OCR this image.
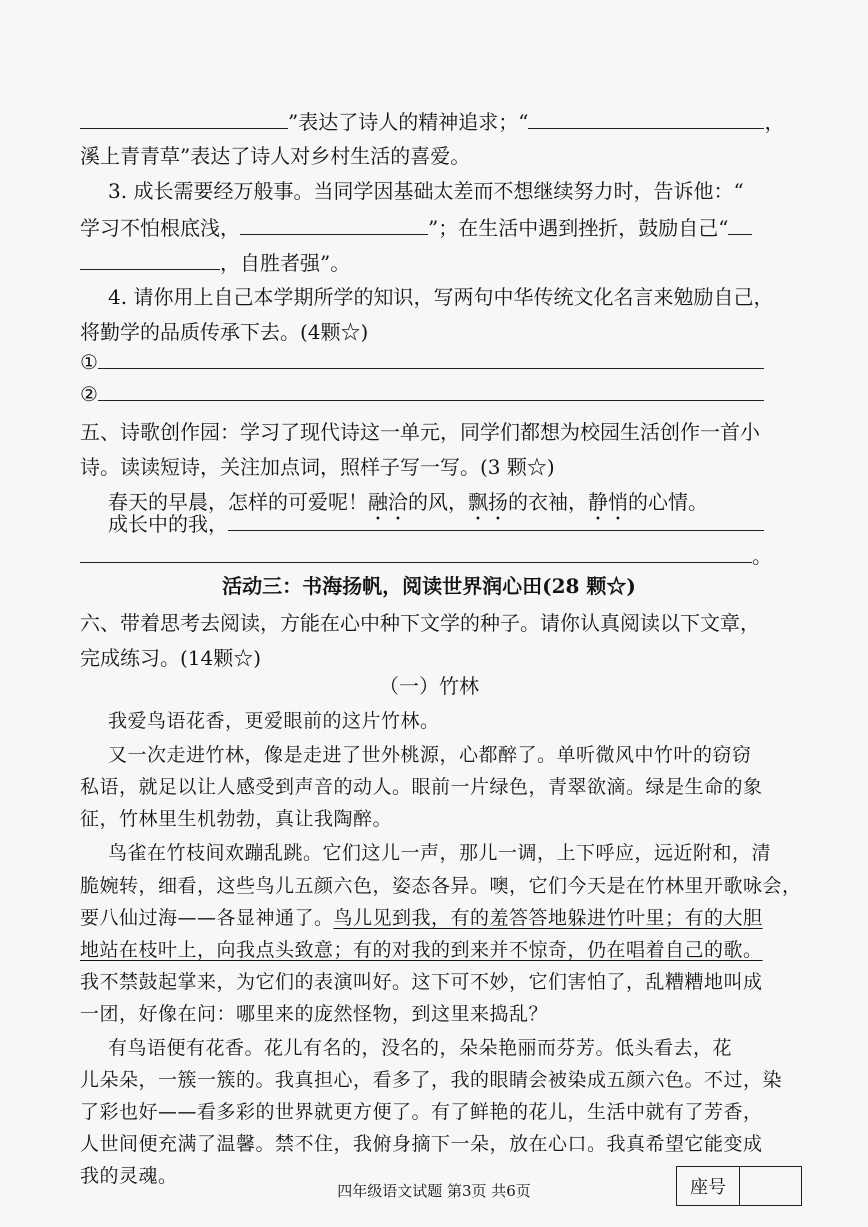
”表达了诗人的精神追求；“	，
溪上青青草”表达了诗人对乡村生活的喜爱。
3. 成长需要经万般事。当同学因基础太差而不想继续努力时，告诉他：“
学习不怕根底浅，	”；在生活中遇到挫折，鼓励自己“
，自胜者强”。
4. 请你用上自己本学期所学的知识，写两句中华传统文化名言来勉励自己，
将勤学的品质传承下去。(4颗☆)
①
②
五、诗歌创作园：学习了现代诗这一单元，同学们都想为校园生活创作一首小
诗。读读短诗，关注加点词，照样子写一写。(3 颗☆)
春天的早晨，怎样的可爱呢！融洽的风，飘扬的衣袖，静悄的心情。
成长中的我，
。
活动三：书海扬帆，阅读世界润心田(28 颗☆)
六、带着思考去阅读，方能在心中种下文学的种子。请你认真阅读以下文章，
完成练习。(14颗☆)
（一）竹林
我爱鸟语花香，更爱眼前的这片竹林。
又一次走进竹林，像是走进了世外桃源，心都醉了。单听微风中竹叶的窃窃
私语，就足以让人感受到声音的动人。眼前一片绿色，青翠欲滴。绿是生命的象
征，竹林里生机勃勃，真让我陶醉。
鸟雀在竹枝间欢蹦乱跳。它们这儿一声，那儿一调，上下呼应，远近附和，清
脆婉转，细看，这些鸟儿五颜六色，姿态各异。噢，它们今天是在竹林里开歌咏会，
要八仙过海——各显神通了。鸟儿见到我，有的羞答答地躲进竹叶里；有的大胆
地站在枝叶上，向我点头致意；有的对我的到来并不惊奇，仍在唱着自己的歌。
我不禁鼓起掌来，为它们的表演叫好。这下可不妙，它们害怕了，乱糟糟地叫成
一团，好像在问：哪里来的庞然怪物，到这里来捣乱？
有鸟语便有花香。花儿有名的，没名的，朵朵艳丽而芬芳。低头看去，花
儿朵朵，一簇一簇的。我真担心，看多了，我的眼睛会被染成五颜六色。不过，染
了彩也好——看多彩的世界就更方便了。有了鲜艳的花儿，生活中就有了芳香，
人世间便充满了温馨。禁不住，我俯身摘下一朵，放在心口。我真希望它能变成
我的灵魂。
四年级语文试题 第3页 共6页	座号
